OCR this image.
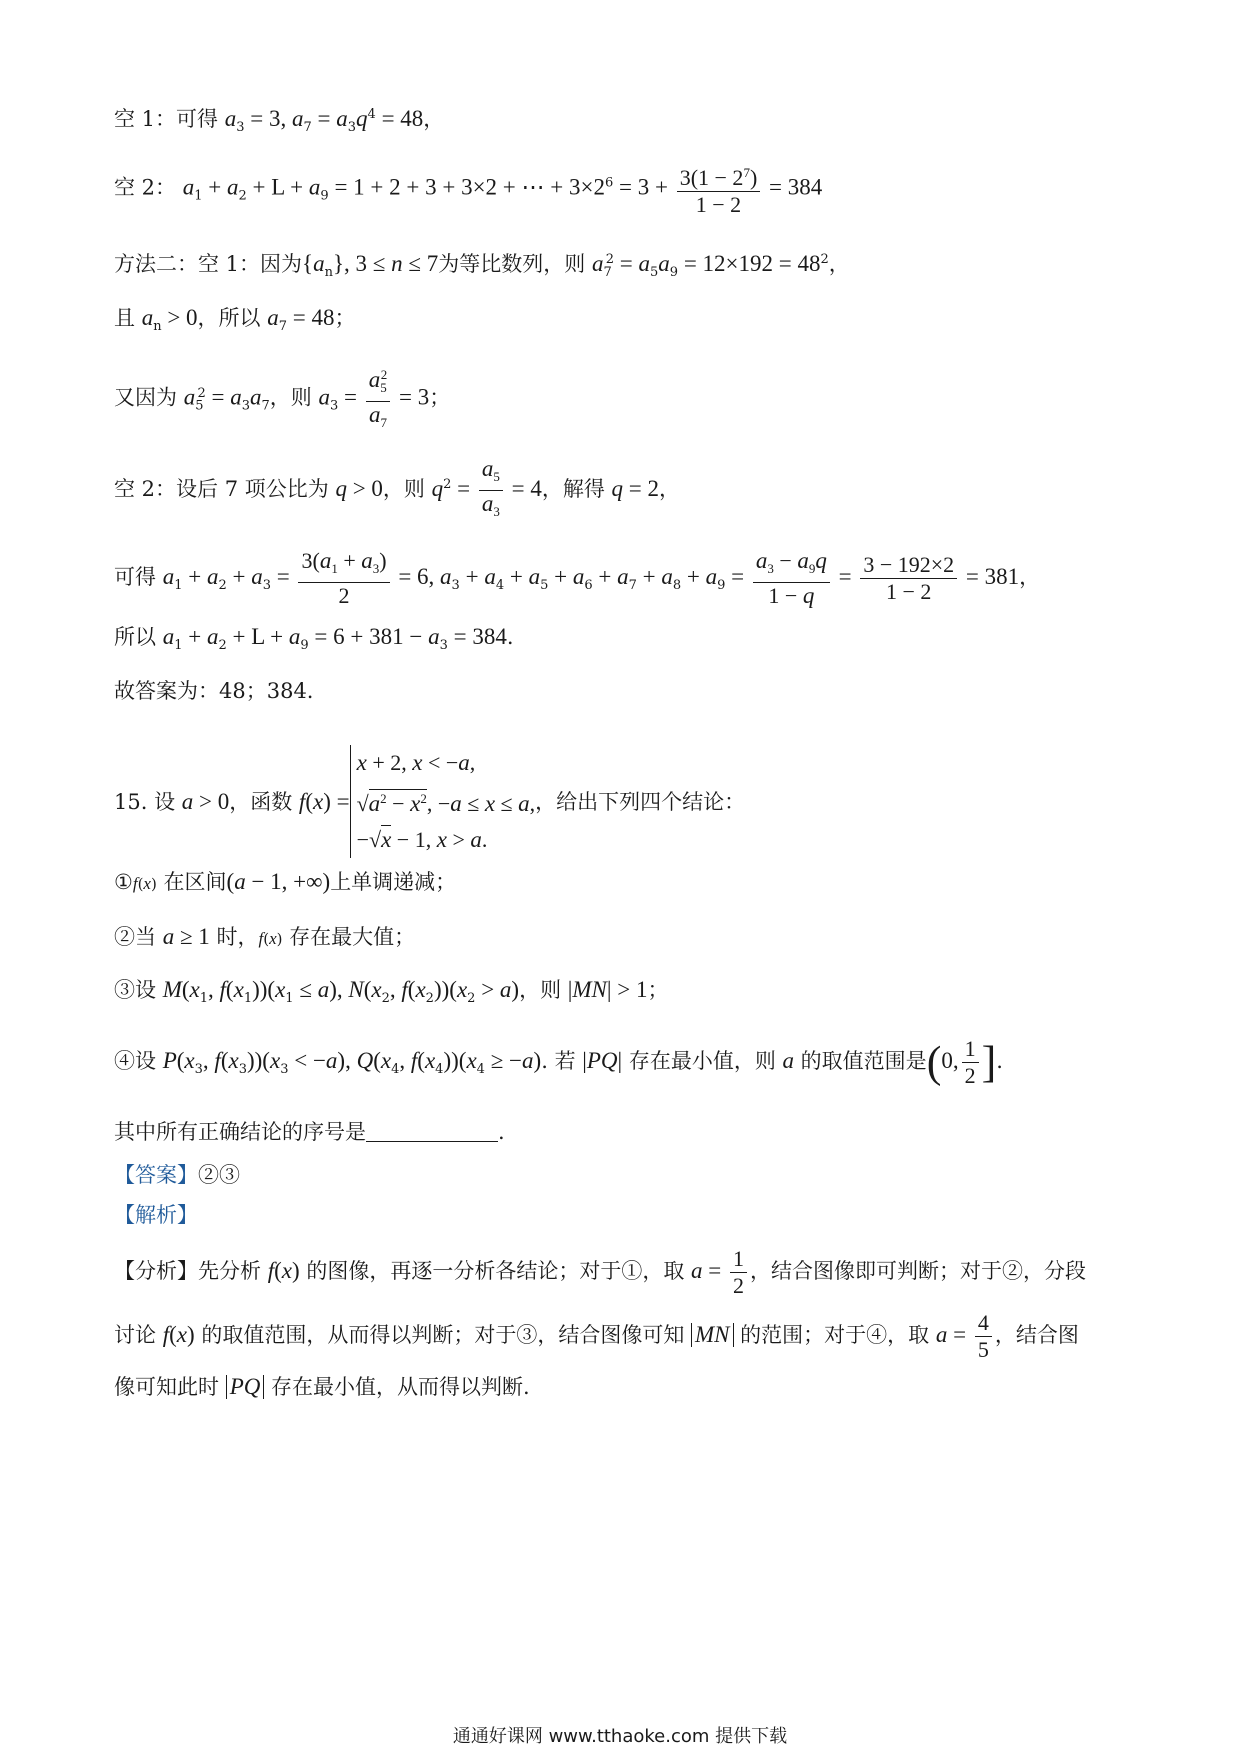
空 1：可得 $a_3 = 3$, $a_7 = a_3q^4 = 48$，
空 2： $a_1 + a_2 + L + a_9 = 1 + 2 + 3 + 3\times 2$ + ⋯ + $3\times 2^6 = 3 + \frac{3(1 - 2^7)}{1 - 2} = 384$
方法二：空 1：因为$\{a_n\}$, 3 ≤ n ≤ 7为等比数列，则 $a_7^2 = a_5a_9 = 12\times 192 = 48^2$，
且 $a_n > 0$，所以 $a_7 = 48$；
又因为 $a_5^2 = a_3a_7$，则 $a_3 = \frac{a_5^2}{a_7} = 3$；
空 2：设后 7 项公比为 q > 0，则 $q^2 = \frac{a_5}{a_3} = 4$，解得 q = 2，
可得 $a_1 + a_2 + a_3 = \frac{3(a_1 + a_3)}{2} = 6$, $a_3 + a_4 + a_5 + a_6 + a_7 + a_8 + a_9 = \frac{a_3 - a_9q}{1 - q} = \frac{3 - 192\times 2}{1 - 2} = 381$，
所以 $a_1 + a_2 + L + a_9 = 6 + 381 - a_3 = 384$.
故答案为：48；384.
15. 设 a > 0，函数 f(x) =
x + 2, x < −a,
$√a^2 - x^2$, −a ≤ x ≤ a,
−√x − 1, x > a.
，给出下列四个结论：
①f(x) 在区间(a − 1, +∞)上单调递减；
②当 a ≥ 1 时，f(x) 存在最大值；
③设 $M(x_1$, $f(x_1))(x_1 \le a)$, $N(x_2$, $f(x_2))(x_2 > a)$，则 |MN| > 1；
④设 $P(x_3$, $f(x_3))(x_3 < -a)$, $Q(x_4$, $f(x_4))(x_4 \ge -a)$. 若 |PQ| 存在最小值，则 a 的取值范围是(0, $\frac{1}{2}$ ].
其中所有正确结论的序号是	.
【答案】②③
【解析】
【分析】先分析 f(x) 的图像，再逐一分析各结论；对于①，取 $a = \frac{1}{2}$ ，结合图像即可判断；对于②，分段
讨论 f(x) 的取值范围，从而得以判断；对于③，结合图像可知 MN 的范围；对于④，取 $a = \frac{4}{5}$ ，结合图
像可知此时 PQ 存在最小值，从而得以判断.
通通好课网 www.tthaoke.com 提供下载
